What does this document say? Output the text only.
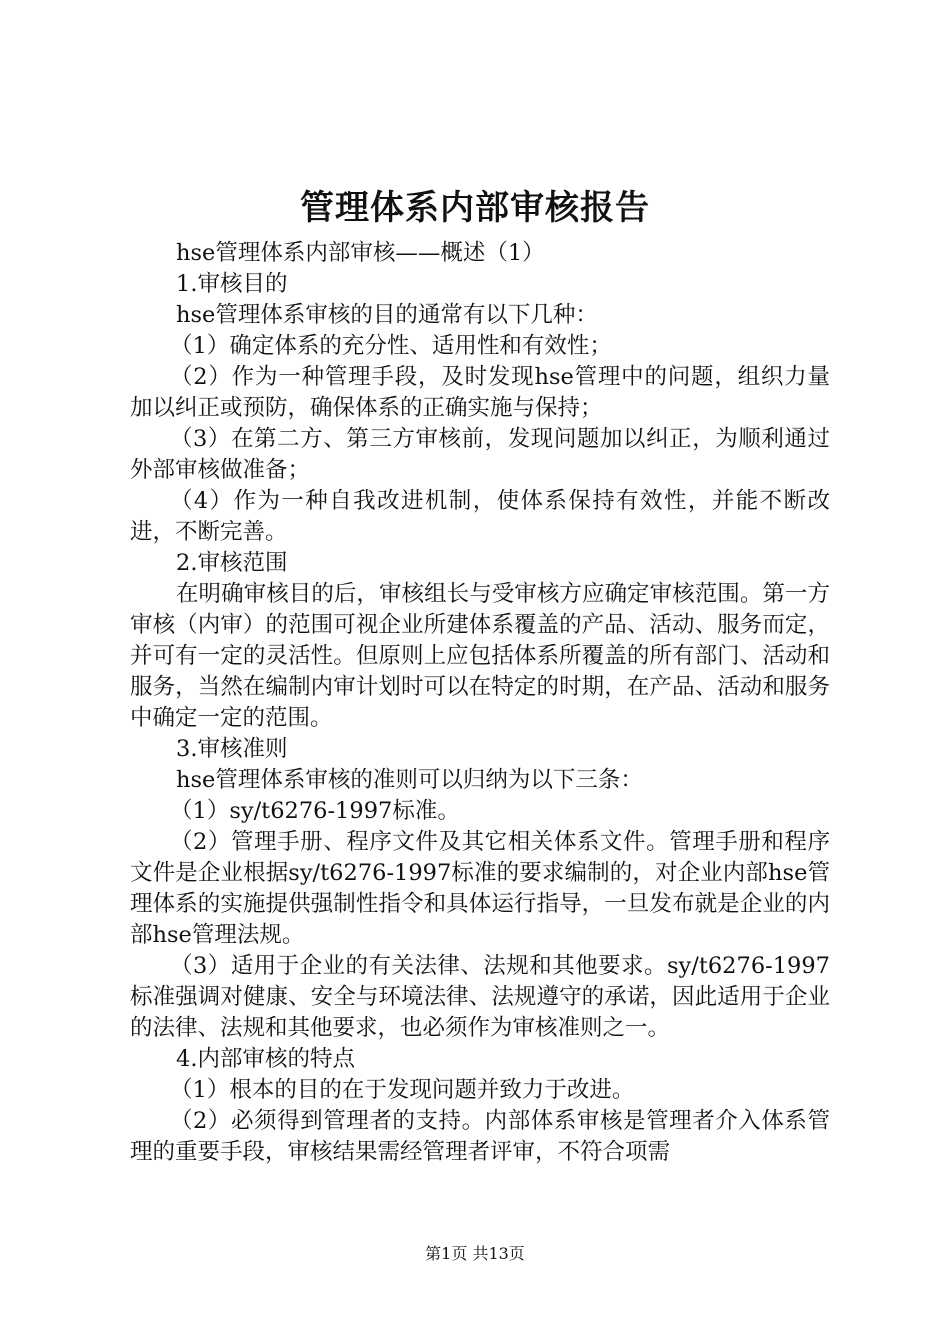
管理体系内部审核报告

hse管理体系内部审核——概述（1）

1.审核目的

hse管理体系审核的目的通常有以下几种：

（1）确定体系的充分性、适用性和有效性；

（2）作为一种管理手段，及时发现hse管理中的问题，组织力量加以纠正或预防，确保体系的正确实施与保持；

（3）在第二方、第三方审核前，发现问题加以纠正，为顺利通过外部审核做准备；

（4）作为一种自我改进机制，使体系保持有效性，并能不断改进，不断完善。

2.审核范围

在明确审核目的后，审核组长与受审核方应确定审核范围。第一方审核（内审）的范围可视企业所建体系覆盖的产品、活动、服务而定，并可有一定的灵活性。但原则上应包括体系所覆盖的所有部门、活动和服务，当然在编制内审计划时可以在特定的时期，在产品、活动和服务中确定一定的范围。

3.审核准则

hse管理体系审核的准则可以归纳为以下三条：

（1）sy/t6276-1997标准。

（2）管理手册、程序文件及其它相关体系文件。管理手册和程序文件是企业根据sy/t6276-1997标准的要求编制的，对企业内部hse管理体系的实施提供强制性指令和具体运行指导，一旦发布就是企业的内部hse管理法规。

（3）适用于企业的有关法律、法规和其他要求。sy/t6276-1997标准强调对健康、安全与环境法律、法规遵守的承诺，因此适用于企业的法律、法规和其他要求，也必须作为审核准则之一。

4.内部审核的特点

（1）根本的目的在于发现问题并致力于改进。

（2）必须得到管理者的支持。内部体系审核是管理者介入体系管理的重要手段，审核结果需经管理者评审，不符合项需

第1页 共13页
